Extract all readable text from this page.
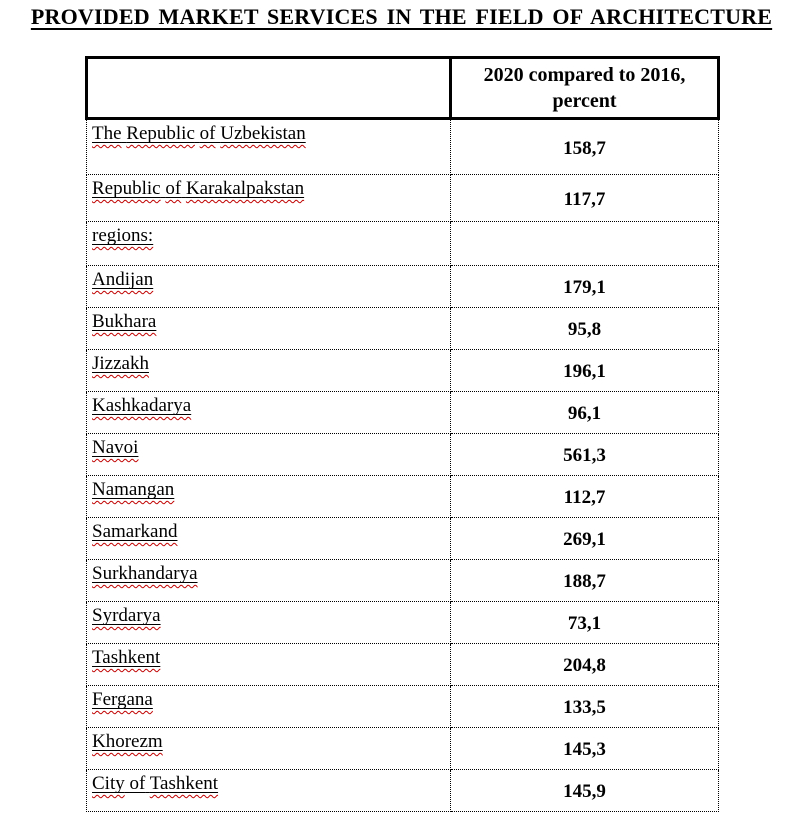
PROVIDED MARKET SERVICES IN THE FIELD OF ARCHITECTURE

	2020 compared to 2016,
percent

The Republic of Uzbekistan	158,7
Republic of Karakalpakstan	117,7
regions:	
Andijan	179,1
Bukhara	95,8
Jizzakh	196,1
Kashkadarya	96,1
Navoi	561,3
Namangan	112,7
Samarkand	269,1
Surkhandarya	188,7
Syrdarya	73,1
Tashkent	204,8
Fergana	133,5
Khorezm	145,3
City of Tashkent	145,9
